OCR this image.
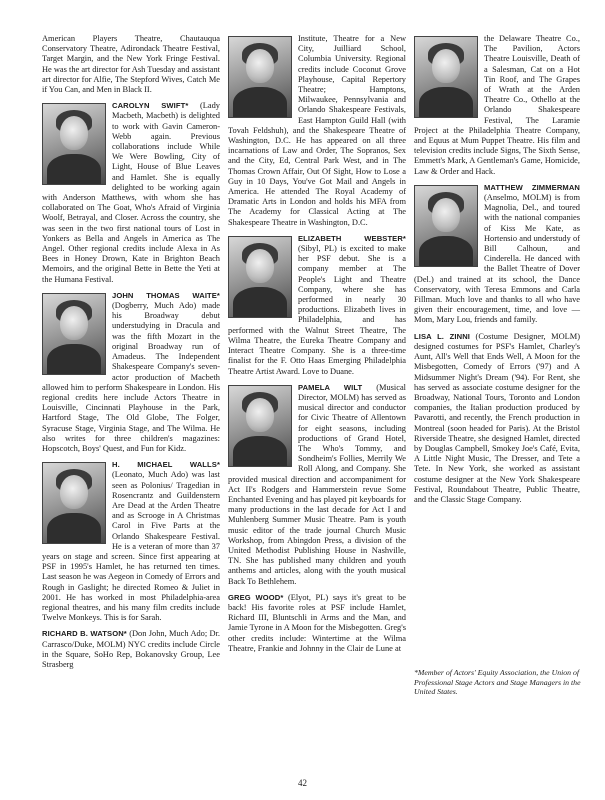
American Players Theatre, Chautauqua Conservatory Theatre, Adirondack Theatre Festival, Target Margin, and the New York Fringe Festival. He was the art director for Ash Tuesday and assistant art director for Alfie, The Stepford Wives, Catch Me if You Can, and Men in Black II.

CAROLYN SWIFT* (Lady Macbeth, Macbeth) is delighted to work with Gavin Cameron-Webb again. Previous collaborations include While We Were Bowling, City of Light, House of Blue Leaves and Hamlet. She is equally delighted to be working again with Anderson Matthews, with whom she has collaborated on The Goat, Who's Afraid of Virginia Woolf, Betrayal, and Closer. Across the country, she was seen in the two first national tours of Lost in Yonkers as Bella and Angels in America as The Angel. Other regional credits include Alexa in As Bees in Honey Drown, Kate in Brighton Beach Memoirs, and the original Bette in Bette the Yeti at the Humana Festival.

JOHN THOMAS WAITE* (Dogberry, Much Ado) made his Broadway debut understudying in Dracula and was the fifth Mozart in the original Broadway run of Amadeus. The Independent Shakespeare Company's seven-actor production of Macbeth allowed him to perform Shakespeare in London. His regional credits here include Actors Theatre in Louisville, Cincinnati Playhouse in the Park, Hartford Stage, The Old Globe, The Folger, Syracuse Stage, Virginia Stage, and The Wilma. He also writes for three children's magazines: Hopscotch, Boys' Quest, and Fun for Kidz.

H. MICHAEL WALLS* (Leonato, Much Ado) was last seen as Polonius/ Tragedian in Rosencrantz and Guildenstern Are Dead at the Arden Theatre and as Scrooge in A Christmas Carol in Five Parts at the Orlando Shakespeare Festival. He is a veteran of more than 37 years on stage and screen. Since first appearing at PSF in 1995's Hamlet, he has returned ten times. Last season he was Aegeon in Comedy of Errors and Rough in Gaslight; he directed Romeo & Juliet in 2001. He has worked in most Philadelphia-area regional theatres, and his many film credits include Twelve Monkeys. This is for Sarah.

RICHARD B. WATSON* (Don John, Much Ado; Dr. Carrasco/Duke, MOLM) NYC credits include Circle in the Square, SoHo Rep, Bokanovsky Group, Lee Strasberg

Institute, Theatre for a New City, Juilliard School, Columbia University. Regional credits include Coconut Grove Playhouse, Capital Repertory Theatre; Hamptons, Milwaukee, Pennsylvania and Orlando Shakespeare Festivals, East Hampton Guild Hall (with Tovah Feldshuh), and the Shakespeare Theatre of Washington, D.C. He has appeared on all three incarnations of Law and Order, The Sopranos, Sex and the City, Ed, Central Park West, and in The Thomas Crown Affair, Out Of Sight, How to Lose a Guy in 10 Days, You've Got Mail and Angels in America. He attended The Royal Academy of Dramatic Arts in London and holds his MFA from The Academy for Classical Acting at The Shakespeare Theatre in Washington, D.C.

ELIZABETH WEBSTER* (Sibyl, PL) is excited to make her PSF debut. She is a company member at The People's Light and Theatre Company, where she has performed in nearly 30 productions. Elizabeth lives in Philadelphia, and has performed with the Walnut Street Theatre, The Wilma Theatre, the Eureka Theatre Company and Interact Theatre Company. She is a three-time finalist for the F. Otto Haas Emerging Philadelphia Theatre Artist Award. Love to Duane.

PAMELA WILT (Musical Director, MOLM) has served as musical director and conductor for Civic Theatre of Allentown for eight seasons, including productions of Grand Hotel, The Who's Tommy, and Sondheim's Follies, Merrily We Roll Along, and Company. She provided musical direction and accompaniment for Act II's Rodgers and Hammerstein revue Some Enchanted Evening and has played pit keyboards for many productions in the last decade for Act I and Muhlenberg Summer Music Theatre. Pam is youth music editor of the trade journal Church Music Workshop, from Abingdon Press, a division of the United Methodist Publishing House in Nashville, TN. She has published many children and youth anthems and articles, along with the youth musical Back To Bethlehem.

GREG WOOD* (Elyot, PL) says it's great to be back! His favorite roles at PSF include Hamlet, Richard III, Bluntschli in Arms and the Man, and Jamie Tyrone in A Moon for the Misbegotten. Greg's other credits include: Wintertime at the Wilma Theatre, Frankie and Johnny in the Clair de Lune at

the Delaware Theatre Co., The Pavilion, Actors Theatre Louisville, Death of a Salesman, Cat on a Hot Tin Roof, and The Grapes of Wrath at the Arden Theatre Co., Othello at the Orlando Shakespeare Festival, The Laramie Project at the Philadelphia Theatre Company, and Equus at Mum Puppet Theatre. His film and television credits include Signs, The Sixth Sense, Emmett's Mark, A Gentleman's Game, Homicide, Law & Order and Hack.

MATTHEW ZIMMERMAN (Anselmo, MOLM) is from Magnolia, Del., and toured with the national companies of Kiss Me Kate, as Hortensio and understudy of Bill Calhoun, and Cinderella. He danced with the Ballet Theatre of Dover (Del.) and trained at its school, the Dance Conservatory, with Teresa Emmons and Carla Fillman. Much love and thanks to all who have given their encouragement, time, and love — Mom, Mary Lou, friends and family.

LISA L. ZINNI (Costume Designer, MOLM) designed costumes for PSF's Hamlet, Charley's Aunt, All's Well that Ends Well, A Moon for the Misbegotten, Comedy of Errors ('97) and A Midsummer Night's Dream ('94). For Rent, she has served as associate costume designer for the Broadway, National Tours, Toronto and London companies, the Italian production produced by Pavarotti, and recently, the French production in Montreal (soon headed for Paris). At the Bristol Riverside Theatre, she designed Hamlet, directed by Douglas Campbell, Smokey Joe's Café, Evita, A Little Night Music, The Dresser, and Tete a Tete. In New York, she worked as assistant costume designer at the New York Shakespeare Festival, Roundabout Theatre, Public Theatre, and the Classic Stage Company.

*Member of Actors' Equity Association, the Union of Professional Stage Actors and Stage Managers in the United States.
42
